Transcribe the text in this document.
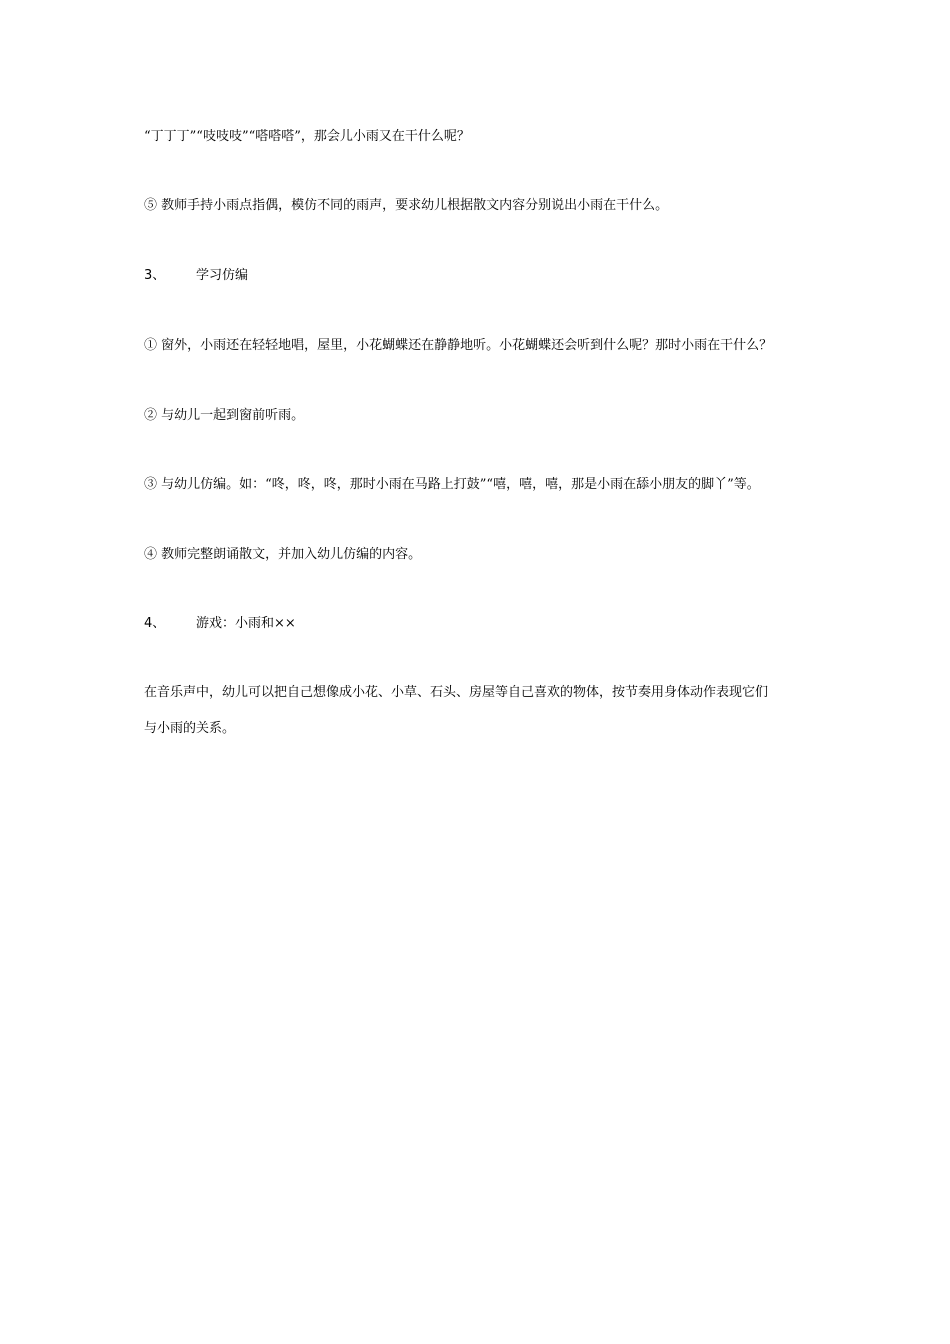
“丁丁丁”“吱吱吱”“嗒嗒嗒”，那会儿小雨又在干什么呢？
⑤ 教师手持小雨点指偶，模仿不同的雨声，要求幼儿根据散文内容分别说出小雨在干什么。
3、 学习仿编
① 窗外，小雨还在轻轻地唱，屋里，小花蝴蝶还在静静地听。小花蝴蝶还会听到什么呢？那时小雨在干什么？
② 与幼儿一起到窗前听雨。
③ 与幼儿仿编。如：“咚，咚，咚，那时小雨在马路上打鼓”“嘻，嘻，嘻，那是小雨在舔小朋友的脚丫”等。
④ 教师完整朗诵散文，并加入幼儿仿编的内容。
4、 游戏：小雨和××
在音乐声中，幼儿可以把自己想像成小花、小草、石头、房屋等自己喜欢的物体，按节奏用身体动作表现它们
与小雨的关系。
